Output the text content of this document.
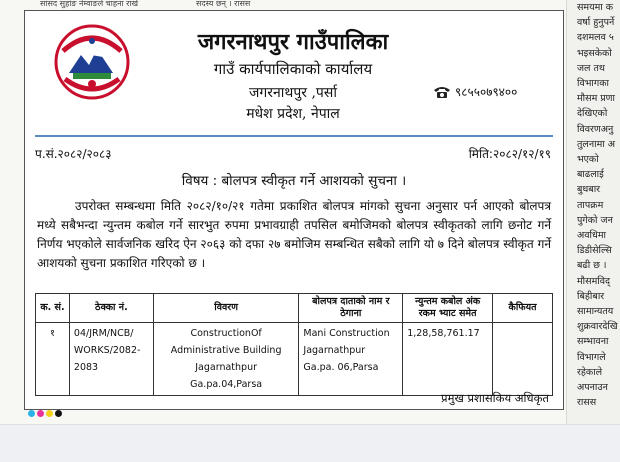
सांसद सुहांङ नेम्वाङले चाहना राखे	सदस्य छन् । रासस	समयमा क
वर्षा हुनुपर्ने
दशमलव ५
भइसकेको
जल तथ
विभागका
मौसम प्रणा
देखिएको
विवरणअनु
तुलनामा अ
भएको
बाढलाई
बुधबार
तापक्रम
पुगेको जन
अवधिमा
डिडीसेल्सि
बढी छ ।
मौसमविद्
बिहीबार
सामान्यतय
शुक्रवारदेखि
सम्भावना
विभागले
रहेकाले
अपनाउन
रासस
जगरनाथपुर गाउँपालिका
गाउँ कार्यपालिकाको कार्यालय
जगरनाथपुर ,पर्सा
मधेश प्रदेश, नेपाल
९८५५०७९४००
प.सं.२०८२/२०८३	मिति:२०८२/१२/१९
विषय : बोलपत्र स्वीकृत गर्ने आशयको सुचना ।

उपरोक्त सम्बन्धमा मिति २०८२/१०/२१ गतेमा प्रकाशित बोलपत्र मांगको सुचना अनुसार पर्न आएको बोलपत्र मध्ये सबैभन्दा न्युन्तम कबोल गर्ने सारभुत रुपमा प्रभावग्राही तपसिल बमोजिमको बोलपत्र स्वीकृतको लागि छनोट गर्ने निर्णय भएकोले सार्वजनिक खरिद ऐन २०६३ को दफा २७ बमोजिम सम्बन्धित सबैको लागि यो ७ दिने बोलपत्र स्वीकृत गर्ने आशयको सुचना प्रकाशित गरिएको छ ।

क. सं.	ठेक्का नं.	विवरण	बोलपत्र दाताको नाम र ठेगाना	न्युन्तम कबोल अंक रकम भ्याट समेत	कैफियत
१	04/JRM/NCB/ WORKS/2082- 2083	ConstructionOf Administrative Building Jagarnathpur Ga.pa.04,Parsa	Mani Construction Jagarnathpur Ga.pa. 06,Parsa	1,28,58,761.17	
प्रमुख प्रशासकिय अधिकृत
